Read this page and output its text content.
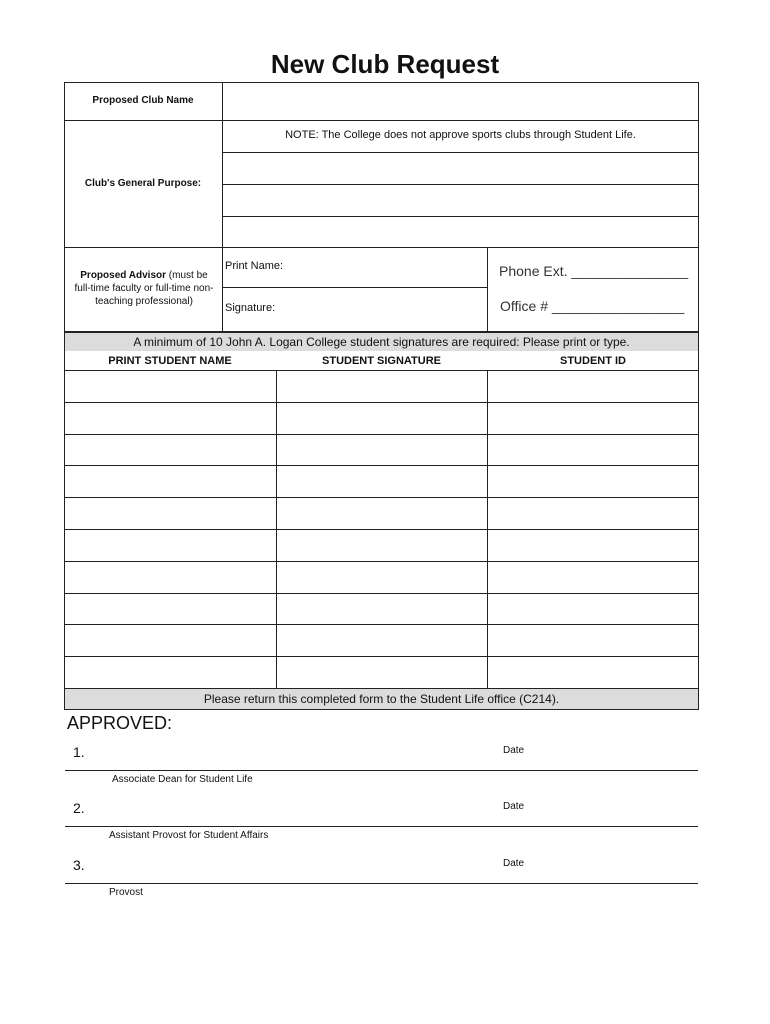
New Club Request
Proposed Club Name
Club's General Purpose:
NOTE: The College does not approve sports clubs through Student Life.
Proposed Advisor (must be full-time faculty or full-time non-teaching professional)
Print Name:
Signature:
Phone Ext. _______________
Office # _________________
A minimum of 10 John A. Logan College student signatures are required: Please print or type.
PRINT STUDENT NAME	STUDENT SIGNATURE	STUDENT ID
Please return this completed form to the Student Life office (C214).
APPROVED:
1.	Date
Associate Dean for Student Life
2.	Date
Assistant Provost for Student Affairs
3.	Date
Provost
